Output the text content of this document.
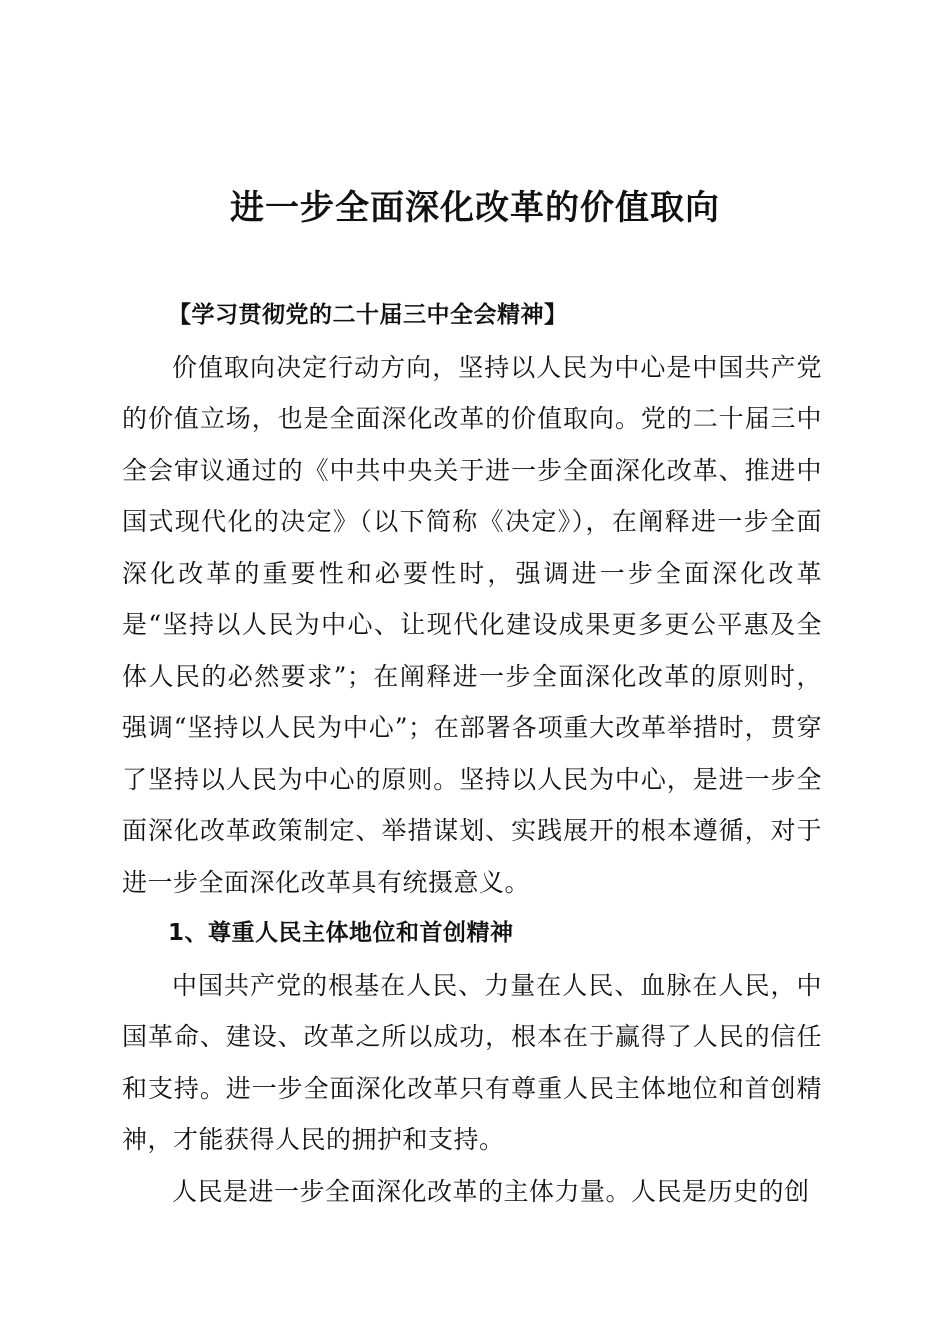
进一步全面深化改革的价值取向

【学习贯彻党的二十届三中全会精神】

价值取向决定行动方向，坚持以人民为中心是中国共产党的价值立场，也是全面深化改革的价值取向。党的二十届三中全会审议通过的《中共中央关于进一步全面深化改革、推进中国式现代化的决定》（以下简称《决定》），在阐释进一步全面深化改革的重要性和必要性时，强调进一步全面深化改革是“坚持以人民为中心、让现代化建设成果更多更公平惠及全体人民的必然要求”；在阐释进一步全面深化改革的原则时，强调“坚持以人民为中心”；在部署各项重大改革举措时，贯穿了坚持以人民为中心的原则。坚持以人民为中心，是进一步全面深化改革政策制定、举措谋划、实践展开的根本遵循，对于进一步全面深化改革具有统摄意义。

1、尊重人民主体地位和首创精神

中国共产党的根基在人民、力量在人民、血脉在人民，中国革命、建设、改革之所以成功，根本在于赢得了人民的信任和支持。进一步全面深化改革只有尊重人民主体地位和首创精神，才能获得人民的拥护和支持。

人民是进一步全面深化改革的主体力量。人民是历史的创
